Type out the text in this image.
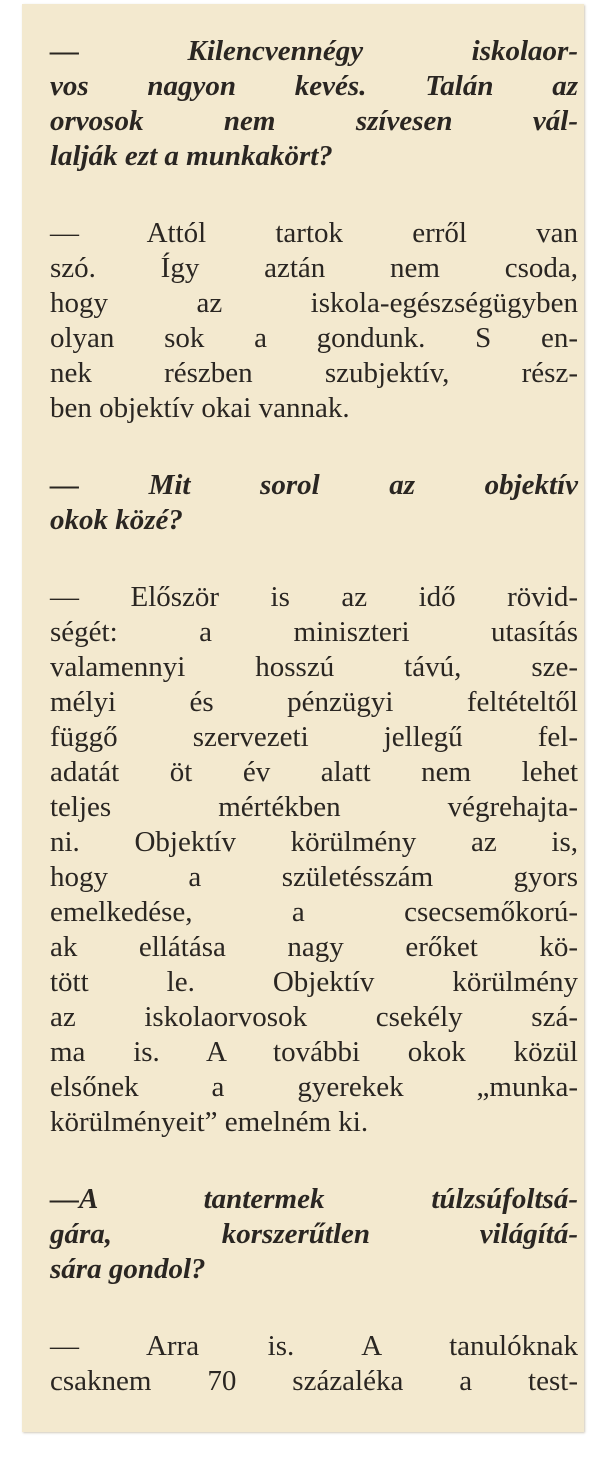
— Kilencvennégy iskolaor-
vos nagyon kevés. Talán az
orvosok nem szívesen vál-
lalják ezt a munkakört?
— Attól tartok erről van
szó. Így aztán nem csoda,
hogy az iskola-egészségügyben
olyan sok a gondunk. S en-
nek részben szubjektív, rész-
ben objektív okai vannak.
— Mit sorol az objektív
okok közé?
— Először is az idő rövid-
ségét: a miniszteri utasítás
valamennyi hosszú távú, sze-
mélyi és pénzügyi feltételtől
függő szervezeti jellegű fel-
adatát öt év alatt nem lehet
teljes mértékben végrehajta-
ni. Objektív körülmény az is,
hogy a születésszám gyors
emelkedése, a csecsemőkorú-
ak ellátása nagy erőket kö-
tött le. Objektív körülmény
az iskolaorvosok csekély szá-
ma is. A további okok közül
elsőnek a gyerekek „munka-
körülményeit” emelném ki.
—A tantermek túlzsúfoltsá-
gára, korszerűtlen világítá-
sára gondol?
— Arra is. A tanulóknak
csaknem 70 százaléka a test-
